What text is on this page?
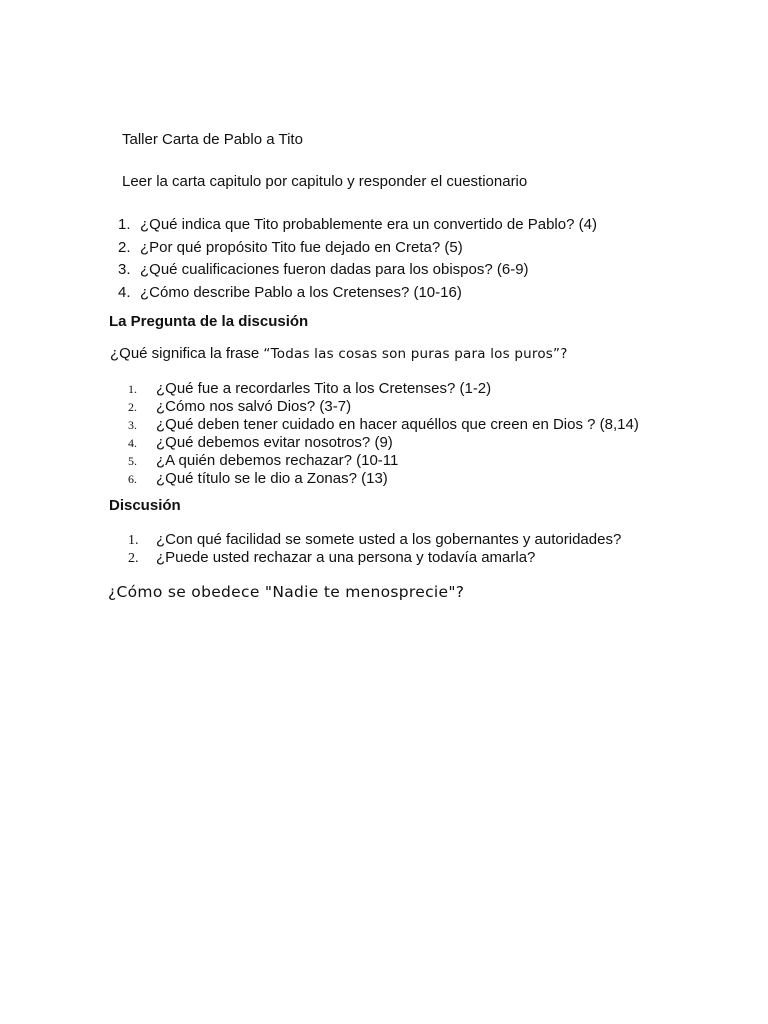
Taller Carta de Pablo a Tito
Leer la carta capitulo por capitulo y responder el cuestionario
1. ¿Qué indica que Tito probablemente era un convertido de Pablo? (4)
2. ¿Por qué propósito Tito fue dejado en Creta? (5)
3. ¿Qué cualificaciones fueron dadas para los obispos? (6-9)
4. ¿Cómo describe Pablo a los Cretenses? (10-16)
La Pregunta de la discusión
¿Qué significa la frase “Todas las cosas son puras para los puros”?
1. ¿Qué fue a recordarles Tito a los Cretenses? (1-2)
2. ¿Cómo nos salvó Dios? (3-7)
3. ¿Qué deben tener cuidado en hacer aquéllos que creen en Dios ? (8,14)
4. ¿Qué debemos evitar nosotros? (9)
5. ¿A quién debemos rechazar? (10-11
6. ¿Qué título se le dio a Zonas? (13)
Discusión
1. ¿Con qué facilidad se somete usted a los gobernantes y autoridades?
2. ¿Puede usted rechazar a una persona y todavía amarla?
¿Cómo se obedece "Nadie te menosprecie"?
